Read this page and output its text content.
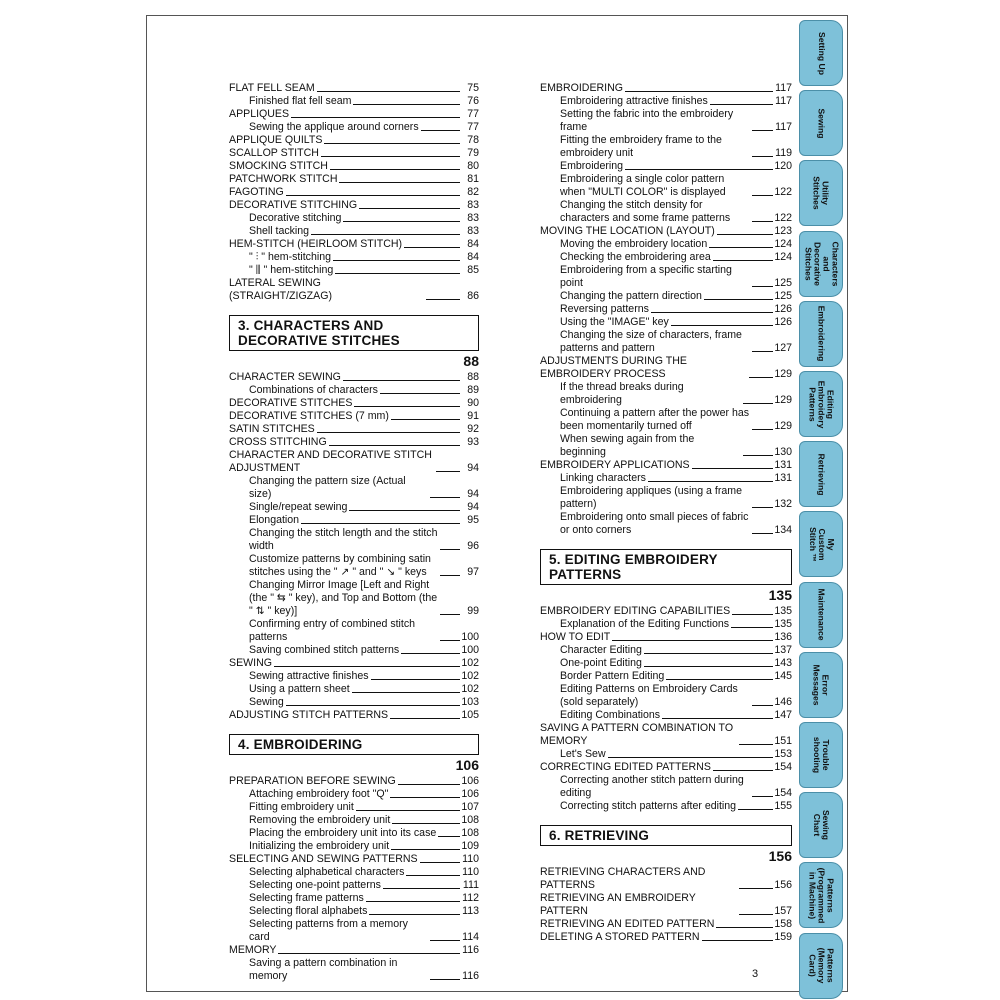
FLAT FELL SEAM	75
Finished flat fell seam	76
APPLIQUES	77
Sewing the applique around corners	77
APPLIQUE QUILTS	78
SCALLOP STITCH	79
SMOCKING STITCH	80
PATCHWORK STITCH	81
FAGOTING	82
DECORATIVE STITCHING	83
Decorative stitching	83
Shell tacking	83
HEM-STITCH (HEIRLOOM STITCH)	84
" ⫶ " hem-stitching	84
" ⫼ " hem-stitching	85
LATERAL SEWING (STRAIGHT/ZIGZAG)	86
3. CHARACTERS AND DECORATIVE STITCHES
88
CHARACTER SEWING	88
Combinations of characters	89
DECORATIVE STITCHES	90
DECORATIVE STITCHES (7 mm)	91
SATIN STITCHES	92
CROSS STITCHING	93
CHARACTER AND DECORATIVE STITCH ADJUSTMENT	94
Changing the pattern size (Actual size)	94
Single/repeat sewing	94
Elongation	95
Changing the stitch length and the stitch width	96
Customize patterns by combining satin stitches using the " ↗ " and " ↘ " keys	97
Changing Mirror Image [Left and Right (the " ⇆ " key), and Top and Bottom (the " ⇅ " key)]	99
Confirming entry of combined stitch patterns	100
Saving combined stitch patterns	100
SEWING	102
Sewing attractive finishes	102
Using a pattern sheet	102
Sewing	103
ADJUSTING STITCH PATTERNS	105
4. EMBROIDERING
106
PREPARATION BEFORE SEWING	106
Attaching embroidery foot "Q"	106
Fitting embroidery unit	107
Removing the embroidery unit	108
Placing the embroidery unit into its case 108
Initializing the embroidery unit	109
SELECTING AND SEWING PATTERNS	110
Selecting alphabetical characters	110
Selecting one-point patterns	111
Selecting frame patterns	112
Selecting floral alphabets	113
Selecting patterns from a memory card	114
MEMORY	116
Saving a pattern combination in memory	116
EMBROIDERING	117
Embroidering attractive finishes	117
Setting the fabric into the embroidery frame	117
Fitting the embroidery frame to the embroidery unit	119
Embroidering	120
Embroidering a single color pattern when "MULTI COLOR" is displayed	122
Changing the stitch density for characters and some frame patterns	122
MOVING THE LOCATION (LAYOUT)	123
Moving the embroidery location	124
Checking the embroidering area	124
Embroidering from a specific starting point	125
Changing the pattern direction	125
Reversing patterns	126
Using the "IMAGE" key	126
Changing the size of characters, frame patterns and pattern	127
ADJUSTMENTS DURING THE EMBROIDERY PROCESS	129
If the thread breaks during embroidering	129
Continuing a pattern after the power has been momentarily turned off	129
When sewing again from the beginning	130
EMBROIDERY APPLICATIONS	131
Linking characters	131
Embroidering appliques (using a frame pattern)	132
Embroidering onto small pieces of fabric or onto corners	134
5. EDITING EMBROIDERY PATTERNS
135
EMBROIDERY EDITING CAPABILITIES	135
Explanation of the Editing Functions	135
HOW TO EDIT	136
Character Editing	137
One-point Editing	143
Border Pattern Editing	145
Editing Patterns on Embroidery Cards (sold separately)	146
Editing Combinations	147
SAVING A PATTERN COMBINATION TO MEMORY	151
Let's Sew	153
CORRECTING EDITED PATTERNS	154
Correcting another stitch pattern during editing	154
Correcting stitch patterns after editing	155
6. RETRIEVING
156
RETRIEVING CHARACTERS AND PATTERNS	156
RETRIEVING AN EMBROIDERY PATTERN	157
RETRIEVING AN EDITED PATTERN	158
DELETING A STORED PATTERN	159
3
Setting Up
Sewing
Utility
Stitches
Characters
and
Decorative
Stitches
Embroidering
Editing
Embroidery
Patterns
Retrieving
My
Custom
Stitch ™
Maintenance
Error
Messages
Trouble
shooting
Sewing
Chart
Patterns
(Programmed
in Machine)
Patterns
(Memory
Card)
